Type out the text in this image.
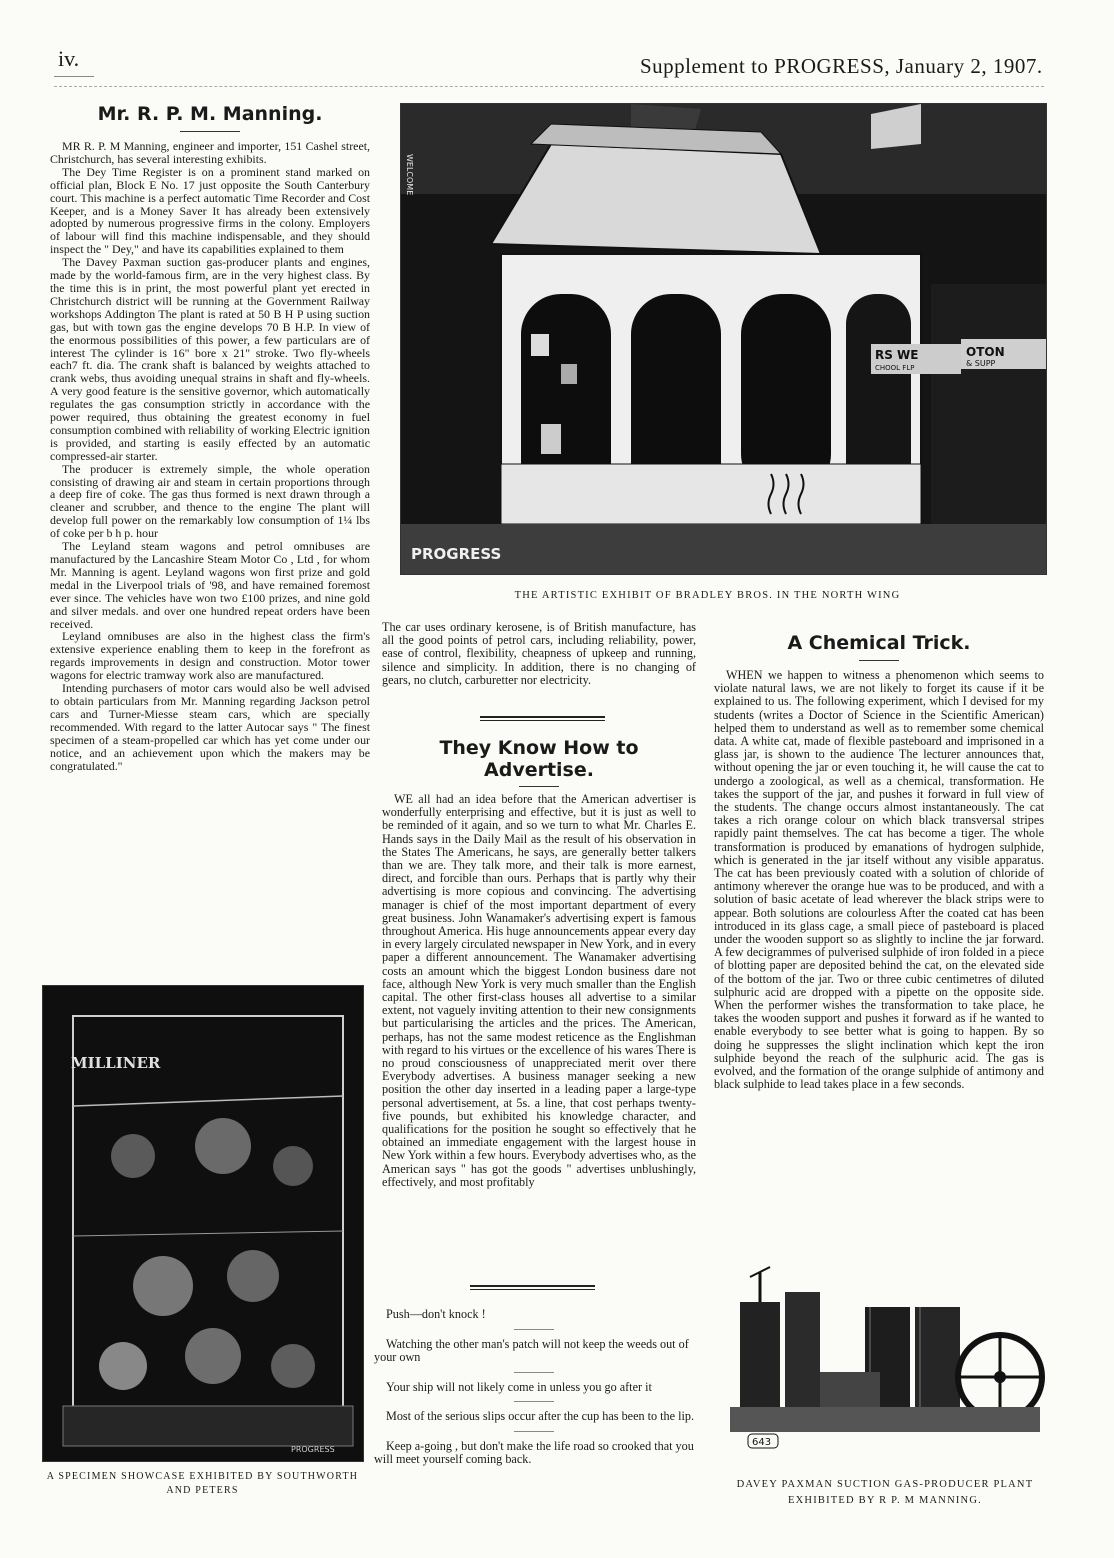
iv.	Supplement to PROGRESS, January 2, 1907.
Mr. R. P. M. Manning.

MR R. P. M Manning, engineer and importer, 151 Cashel street, Christchurch, has several interesting exhibits.

The Dey Time Register is on a prominent stand marked on official plan, Block E No. 17 just opposite the South Canterbury court. This machine is a perfect automatic Time Recorder and Cost Keeper, and is a Money Saver It has already been extensively adopted by numerous progressive firms in the colony. Employers of labour will find this machine indispensable, and they should inspect the " Dey," and have its capabilities explained to them

The Davey Paxman suction gas-producer plants and engines, made by the world-famous firm, are in the very highest class. By the time this is in print, the most powerful plant yet erected in Christchurch district will be running at the Government Railway workshops Addington The plant is rated at 50 B H P using suction gas, but with town gas the engine develops 70 B H.P. In view of the enormous possibilities of this power, a few particulars are of interest The cylinder is 16" bore x 21" stroke. Two fly-wheels each7 ft. dia. The crank shaft is balanced by weights attached to crank webs, thus avoiding unequal strains in shaft and fly-wheels. A very good feature is the sensitive governor, which automatically regulates the gas consumption strictly in accordance with the power required, thus obtaining the greatest economy in fuel consumption combined with reliability of working Electric ignition is provided, and starting is easily effected by an automatic compressed-air starter.

The producer is extremely simple, the whole operation consisting of drawing air and steam in certain proportions through a deep fire of coke. The gas thus formed is next drawn through a cleaner and scrubber, and thence to the engine The plant will develop full power on the remarkably low consumption of 1¼ lbs of coke per b h p. hour

The Leyland steam wagons and petrol omnibuses are manufactured by the Lancashire Steam Motor Co , Ltd , for whom Mr. Manning is agent. Leyland wagons won first prize and gold medal in the Liverpool trials of '98, and have remained foremost ever since. The vehicles have won two £100 prizes, and nine gold and silver medals. and over one hundred repeat orders have been received.

Leyland omnibuses are also in the highest class the firm's extensive experience enabling them to keep in the forefront as regards improvements in design and construction. Motor tower wagons for electric tramway work also are manufactured.

Intending purchasers of motor cars would also be well advised to obtain particulars from Mr. Manning regarding Jackson petrol cars and Turner-Miesse steam cars, which are specially recommended. With regard to the latter Autocar says " The finest specimen of a steam-propelled car which has yet come under our notice, and an achievement upon which the makers may be congratulated."

WELCOME
RS WE
CHOOL FLP
OTON
& SUPP
PROGRESS
THE ARTISTIC EXHIBIT OF BRADLEY BROS. IN THE NORTH WING

The car uses ordinary kerosene, is of British manufacture, has all the good points of petrol cars, including reliability, power, ease of control, flexibility, cheapness of upkeep and running, silence and simplicity. In addition, there is no changing of gears, no clutch, carburetter nor electricity.

They Know How to Advertise.

WE all had an idea before that the American advertiser is wonderfully enterprising and effective, but it is just as well to be reminded of it again, and so we turn to what Mr. Charles E. Hands says in the Daily Mail as the result of his observation in the States The Americans, he says, are generally better talkers than we are. They talk more, and their talk is more earnest, direct, and forcible than ours. Perhaps that is partly why their advertising is more copious and convincing. The advertising manager is chief of the most important department of every great business. John Wanamaker's advertising expert is famous throughout America. His huge announcements appear every day in every largely circulated newspaper in New York, and in every paper a different announcement. The Wanamaker advertising costs an amount which the biggest London business dare not face, although New York is very much smaller than the English capital. The other first-class houses all advertise to a similar extent, not vaguely inviting attention to their new consignments but particularising the articles and the prices. The American, perhaps, has not the same modest reticence as the Englishman with regard to his virtues or the excellence of his wares There is no proud consciousness of unappreciated merit over there Everybody advertises. A business manager seeking a new position the other day inserted in a leading paper a large-type personal advertisement, at 5s. a line, that cost perhaps twenty-five pounds, but exhibited his knowledge character, and qualifications for the position he sought so effectively that he obtained an immediate engagement with the largest house in New York within a few hours. Everybody advertises who, as the American says " has got the goods " advertises unblushingly, effectively, and most profitably

Push—don't knock !

Watching the other man's patch will not keep the weeds out of your own

Your ship will not likely come in unless you go after it

Most of the serious slips occur after the cup has been to the lip.

Keep a-going , but don't make the life road so crooked that you will meet yourself coming back.

A Chemical Trick.

WHEN we happen to witness a phenomenon which seems to violate natural laws, we are not likely to forget its cause if it be explained to us. The following experiment, which I devised for my students (writes a Doctor of Science in the Scientific American) helped them to understand as well as to remember some chemical data. A white cat, made of flexible pasteboard and imprisoned in a glass jar, is shown to the audience The lecturer announces that, without opening the jar or even touching it, he will cause the cat to undergo a zoological, as well as a chemical, transformation. He takes the support of the jar, and pushes it forward in full view of the students. The change occurs almost instantaneously. The cat takes a rich orange colour on which black transversal stripes rapidly paint themselves. The cat has become a tiger. The whole transformation is produced by emanations of hydrogen sulphide, which is generated in the jar itself without any visible apparatus. The cat has been previously coated with a solution of chloride of antimony wherever the orange hue was to be produced, and with a solution of basic acetate of lead wherever the black strips were to appear. Both solutions are colourless After the coated cat has been introduced in its glass cage, a small piece of pasteboard is placed under the wooden support so as slightly to incline the jar forward. A few decigrammes of pulverised sulphide of iron folded in a piece of blotting paper are deposited behind the cat, on the elevated side of the bottom of the jar. Two or three cubic centimetres of diluted sulphuric acid are dropped with a pipette on the opposite side. When the performer wishes the transformation to take place, he takes the wooden support and pushes it forward as if he wanted to enable everybody to see better what is going to happen. By so doing he suppresses the slight inclination which kept the iron sulphide beyond the reach of the sulphuric acid. The gas is evolved, and the formation of the orange sulphide of antimony and black sulphide to lead takes place in a few seconds.

MILLINER
PROGRESS
A SPECIMEN SHOWCASE EXHIBITED BY SOUTHWORTH
AND PETERS
643
DAVEY PAXMAN SUCTION GAS-PRODUCER PLANT
EXHIBITED BY R P. M MANNING.
